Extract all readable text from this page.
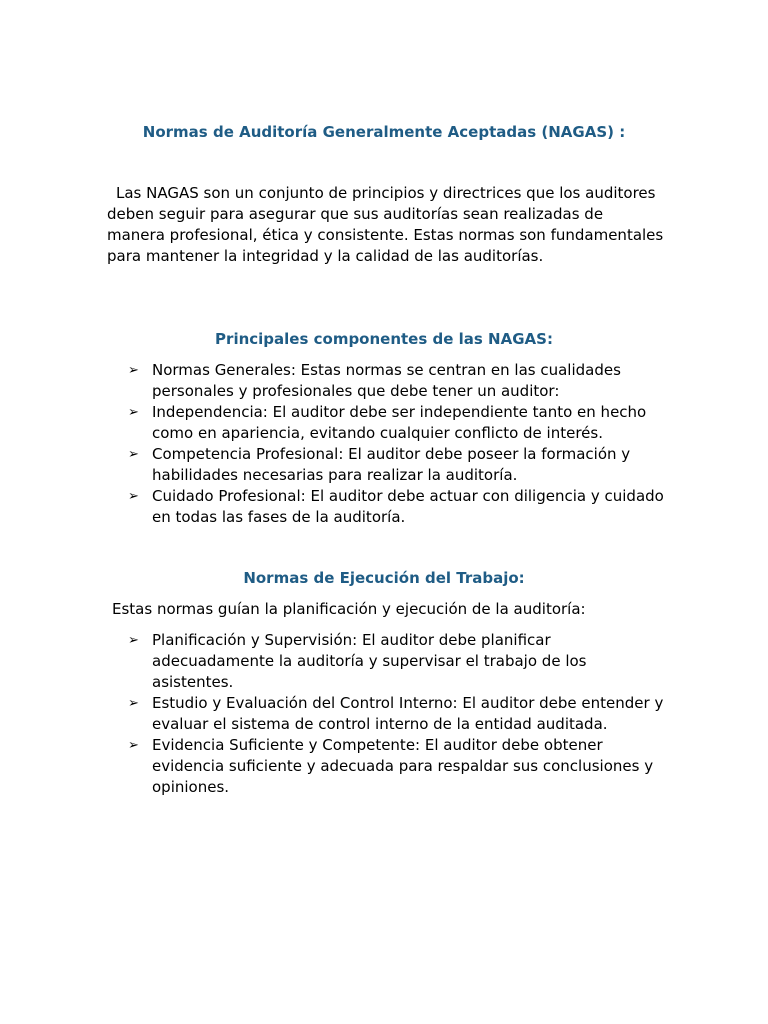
Normas de Auditoría Generalmente Aceptadas (NAGAS) :

Las NAGAS son un conjunto de principios y directrices que los auditores deben seguir para asegurar que sus auditorías sean realizadas de manera profesional, ética y consistente. Estas normas son fundamentales para mantener la integridad y la calidad de las auditorías.

Principales componentes de las NAGAS:
➢ Normas Generales: Estas normas se centran en las cualidades personales y profesionales que debe tener un auditor:
➢ Independencia: El auditor debe ser independiente tanto en hecho como en apariencia, evitando cualquier conflicto de interés.
➢ Competencia Profesional: El auditor debe poseer la formación y habilidades necesarias para realizar la auditoría.
➢ Cuidado Profesional: El auditor debe actuar con diligencia y cuidado en todas las fases de la auditoría.
Normas de Ejecución del Trabajo:

Estas normas guían la planificación y ejecución de la auditoría:

➢ Planificación y Supervisión: El auditor debe planificar adecuadamente la auditoría y supervisar el trabajo de los asistentes.
➢ Estudio y Evaluación del Control Interno: El auditor debe entender y evaluar el sistema de control interno de la entidad auditada.
➢ Evidencia Suficiente y Competente: El auditor debe obtener evidencia suficiente y adecuada para respaldar sus conclusiones y opiniones.
